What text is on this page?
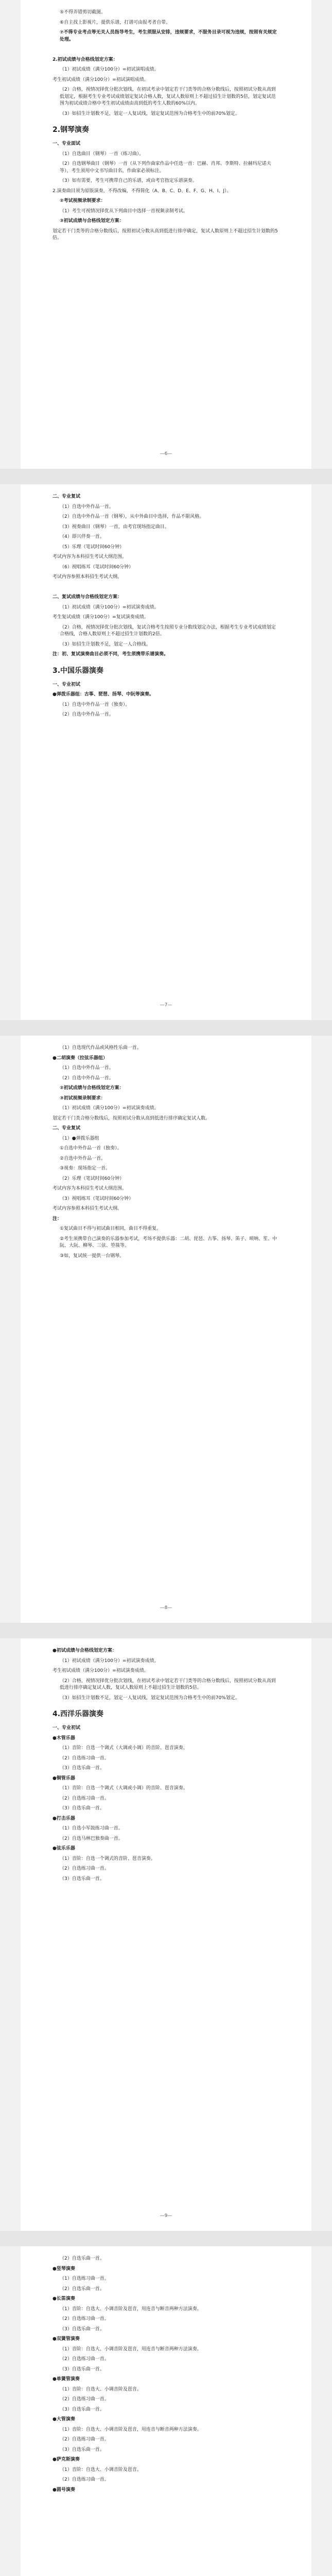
⑤不得弄错剪切截图。

⑥自主找上影视片，提供乐谱，打谱可由报考者自带。

⑦不得专业考点等无关人员指导考生，考生须服从安排，违规要求，不服务目录可视为违规，按照有关规定处理。

2.初试成绩与合格线划定方案：

（1）初试成绩（满分100分）=初试演唱成绩。

考生初试成绩（满分100分）=初试演唱成绩。

（2）合格，视情况择优分批次划线，在初试考录中划定若干门类等的合格分数线后，按照初试分数从高到低划定，根据考生专业考试成绩划定复试合格人数，复试人数原则上不超过招生计划数的5倍，划定复试范围为初试成绩合格中考生初试成绩由高到低的考生人数的60%以内。

（3）如招生计划数不足，划定一人复试线，划定复试范围为合格考生中的前70%划定。

2.钢琴演奏

一、专业面试

（1）自选曲目（钢琴）一首（练习曲）。

（2）自选钢琴曲目（钢琴）一首（从下列作曲家作品中任选一首：巴赫、肖邦、李斯特、拉赫玛尼诺夫等），考生须用中文书写曲目名，作曲家必须标注。

（3）如有需要，考生可携带自己的乐谱，或由考官指定乐谱演奏。

2.演奏曲目须为原版演奏，不得改编，不得简化（A、B、C、D、E、F、G、H、I、J）。

②考试视频录制要求：

（1）考生可视情况择优从下列曲目中选择一首视频录制考试。

③初试成绩与合格线划定方案：

划定若干门类等的合格分数线后，按照初试分数从高到低进行排序确定，复试人数原则上不超过招生计划数的5倍。

—6—

二、专业复试

（1）自选中外作品一首。

（2）自选中外作品一首（钢琴），从中外曲目中选择，作品不限风格。

（3）视奏曲目（钢琴）一首，由考官现场指定曲目。

（4）即兴伴奏一首。

（5）乐理（笔试时间60分钟）

考试内容为本科招生考试大纲范围。

（6）视唱练耳（笔试时间60分钟）

考试内容参照本科招生考试大纲。

二、复试成绩与合格线划定方案：

（1）初试成绩（满分100分）=初试演奏成绩。

考生复试成绩（满分100分）=复试演奏成绩。

（2）合格，视情况择优分批次划线，复试合格考生按照专业分数线划定办法，根据考生专业考试成绩划定合格线，合格人数原则上不超过招生计划数的2倍。

（3）如招生计划数不足，划定一人合格线。

注：初、复试演奏曲目必须不同，考生须携带乐谱演奏。

3.中国乐器演奏

一、专业初试

●弹拨乐器组：古筝、琵琶、扬琴、中阮等演奏。

（1）自选中外作品一首（独奏）。

（2）自选中外作品一首。

—7—

（1）自选现代作品或风格性乐曲一首。

●二胡演奏（拉弦乐器组）

（1）自选中外作品一首。

（2）自选中外作品一首。

②初试成绩与合格线划定方案：

③初试视频录制要求：

（1）初试成绩（满分100分）=初试演奏成绩。

划定若干门类合格分数线后，按照初试分数从高到低进行排序确定复试人数。

二、专业复试

（1）●弹拨乐器组

①自选中外作品一首（独奏）。

②自选中外作品一首。

③视奏：现场指定一首。

（2）乐理（笔试时间60分钟）

考试内容为本科招生考试大纲范围。

（3）视唱练耳（笔试时间60分钟）

考试内容参照本科招生考试大纲。

注：

①复试曲目不得与初试曲目相同，曲目不得重复。

②考生须携带自己演奏的乐器参加考试，考场不提供乐器：二胡、琵琶、古筝、扬琴、笛子、唢呐、笙、中阮、大阮、柳琴、三弦、箜篌等。

③如，复试统一提供一台钢琴。

—8—

●初试成绩与合格线划定方案：

（1）初试成绩（满分100分）=初试演奏成绩。

考生初试成绩（满分100分）=初试演奏成绩。

（2）合格，视情况择优分批次划线，在初试考录中划定若干门类等的合格分数线后，按照初试分数从高到低进行排序确定复试人数，复试人数原则上不超过招生计划数的5倍。

（3）如招生计划数不足，划定一人复试线，划定复试范围为合格考生中的前70%划定。

4.西洋乐器演奏

一、专业初试

●木管乐器

（1）音阶：自选一个调式（大调或小调）的音阶、琶音演奏。

（2）自选练习曲一首。

（3）自选乐曲一首。

●铜管乐器

（1）音阶：自选一个调式（大调或小调）的音阶、琶音演奏。

（2）自选练习曲一首。

（3）自选乐曲一首。

●打击乐器

（1）自选小军鼓练习曲一首。

（2）自选马林巴独奏曲一首。

●弦乐乐器

（1）音阶：自选一个调式的音阶、琶音演奏。

（2）自选练习曲一首。

（3）自选乐曲一首。

—9—

（2）自选乐曲一首。

●竖琴演奏

（1）自选练习曲一首。

（2）自选乐曲一首。

●长笛演奏

（1）音阶：自选大、小调音阶及琶音，用连音与断音两种方法演奏。

（2）自选练习曲一首。

（3）自选乐曲一首。

●双簧管演奏

（1）音阶：自选大、小调音阶及琶音，用连音与断音两种方法演奏。

（2）自选练习曲一首。

（3）自选乐曲一首。

●单簧管演奏

（1）音阶：自选大、小调音阶及琶音。

（2）自选练习曲一首。

（3）自选乐曲一首。

●大管演奏

（1）音阶：自选大、小调音阶及琶音，用连音与断音两种方法演奏。

（2）自选练习曲一首。

（3）自选乐曲一首。

●萨克斯演奏

（1）音阶：自选大、小调音阶及琶音。

（2）自选练习曲一首。

●圆号演奏
